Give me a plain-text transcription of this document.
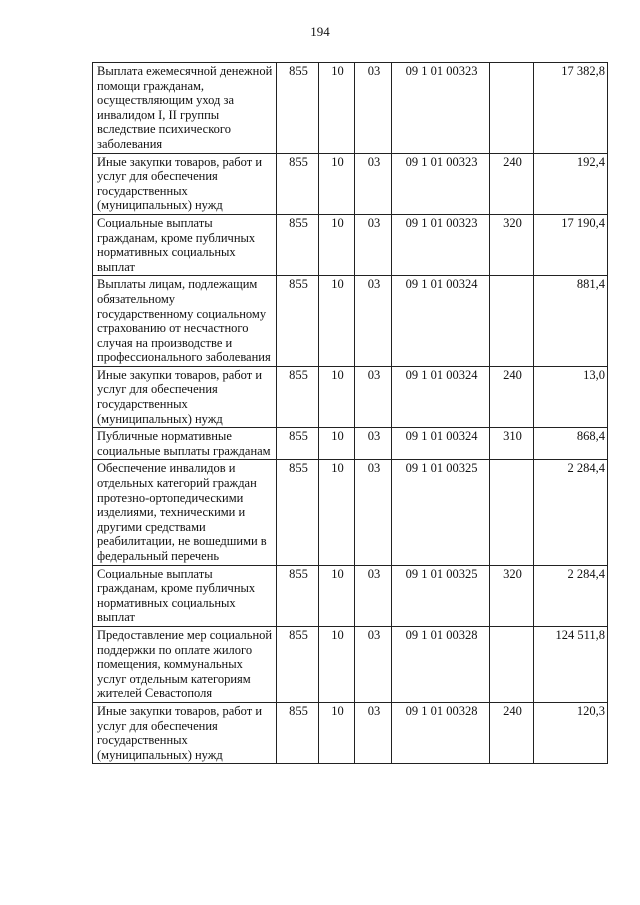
194
Выплата ежемесячной денежной помощи гражданам, осуществляющим уход за инвалидом I, II группы вследствие психического заболевания	855	10	03	09 1 01 00323		17 382,8
Иные закупки товаров, работ и услуг для обеспечения государственных (муниципальных) нужд	855	10	03	09 1 01 00323	240	192,4
Социальные выплаты гражданам, кроме публичных нормативных социальных выплат	855	10	03	09 1 01 00323	320	17 190,4
Выплаты лицам, подлежащим обязательному государственному социальному страхованию от несчастного случая на производстве и профессионального заболевания	855	10	03	09 1 01 00324		881,4
Иные закупки товаров, работ и услуг для обеспечения государственных (муниципальных) нужд	855	10	03	09 1 01 00324	240	13,0
Публичные нормативные социальные выплаты гражданам	855	10	03	09 1 01 00324	310	868,4
Обеспечение инвалидов и отдельных категорий граждан протезно-ортопедическими изделиями, техническими и другими средствами реабилитации, не вошедшими в федеральный перечень	855	10	03	09 1 01 00325		2 284,4
Социальные выплаты гражданам, кроме публичных нормативных социальных выплат	855	10	03	09 1 01 00325	320	2 284,4
Предоставление мер социальной поддержки по оплате жилого помещения, коммунальных услуг отдельным категориям жителей Севастополя	855	10	03	09 1 01 00328		124 511,8
Иные закупки товаров, работ и услуг для обеспечения государственных (муниципальных) нужд	855	10	03	09 1 01 00328	240	120,3
